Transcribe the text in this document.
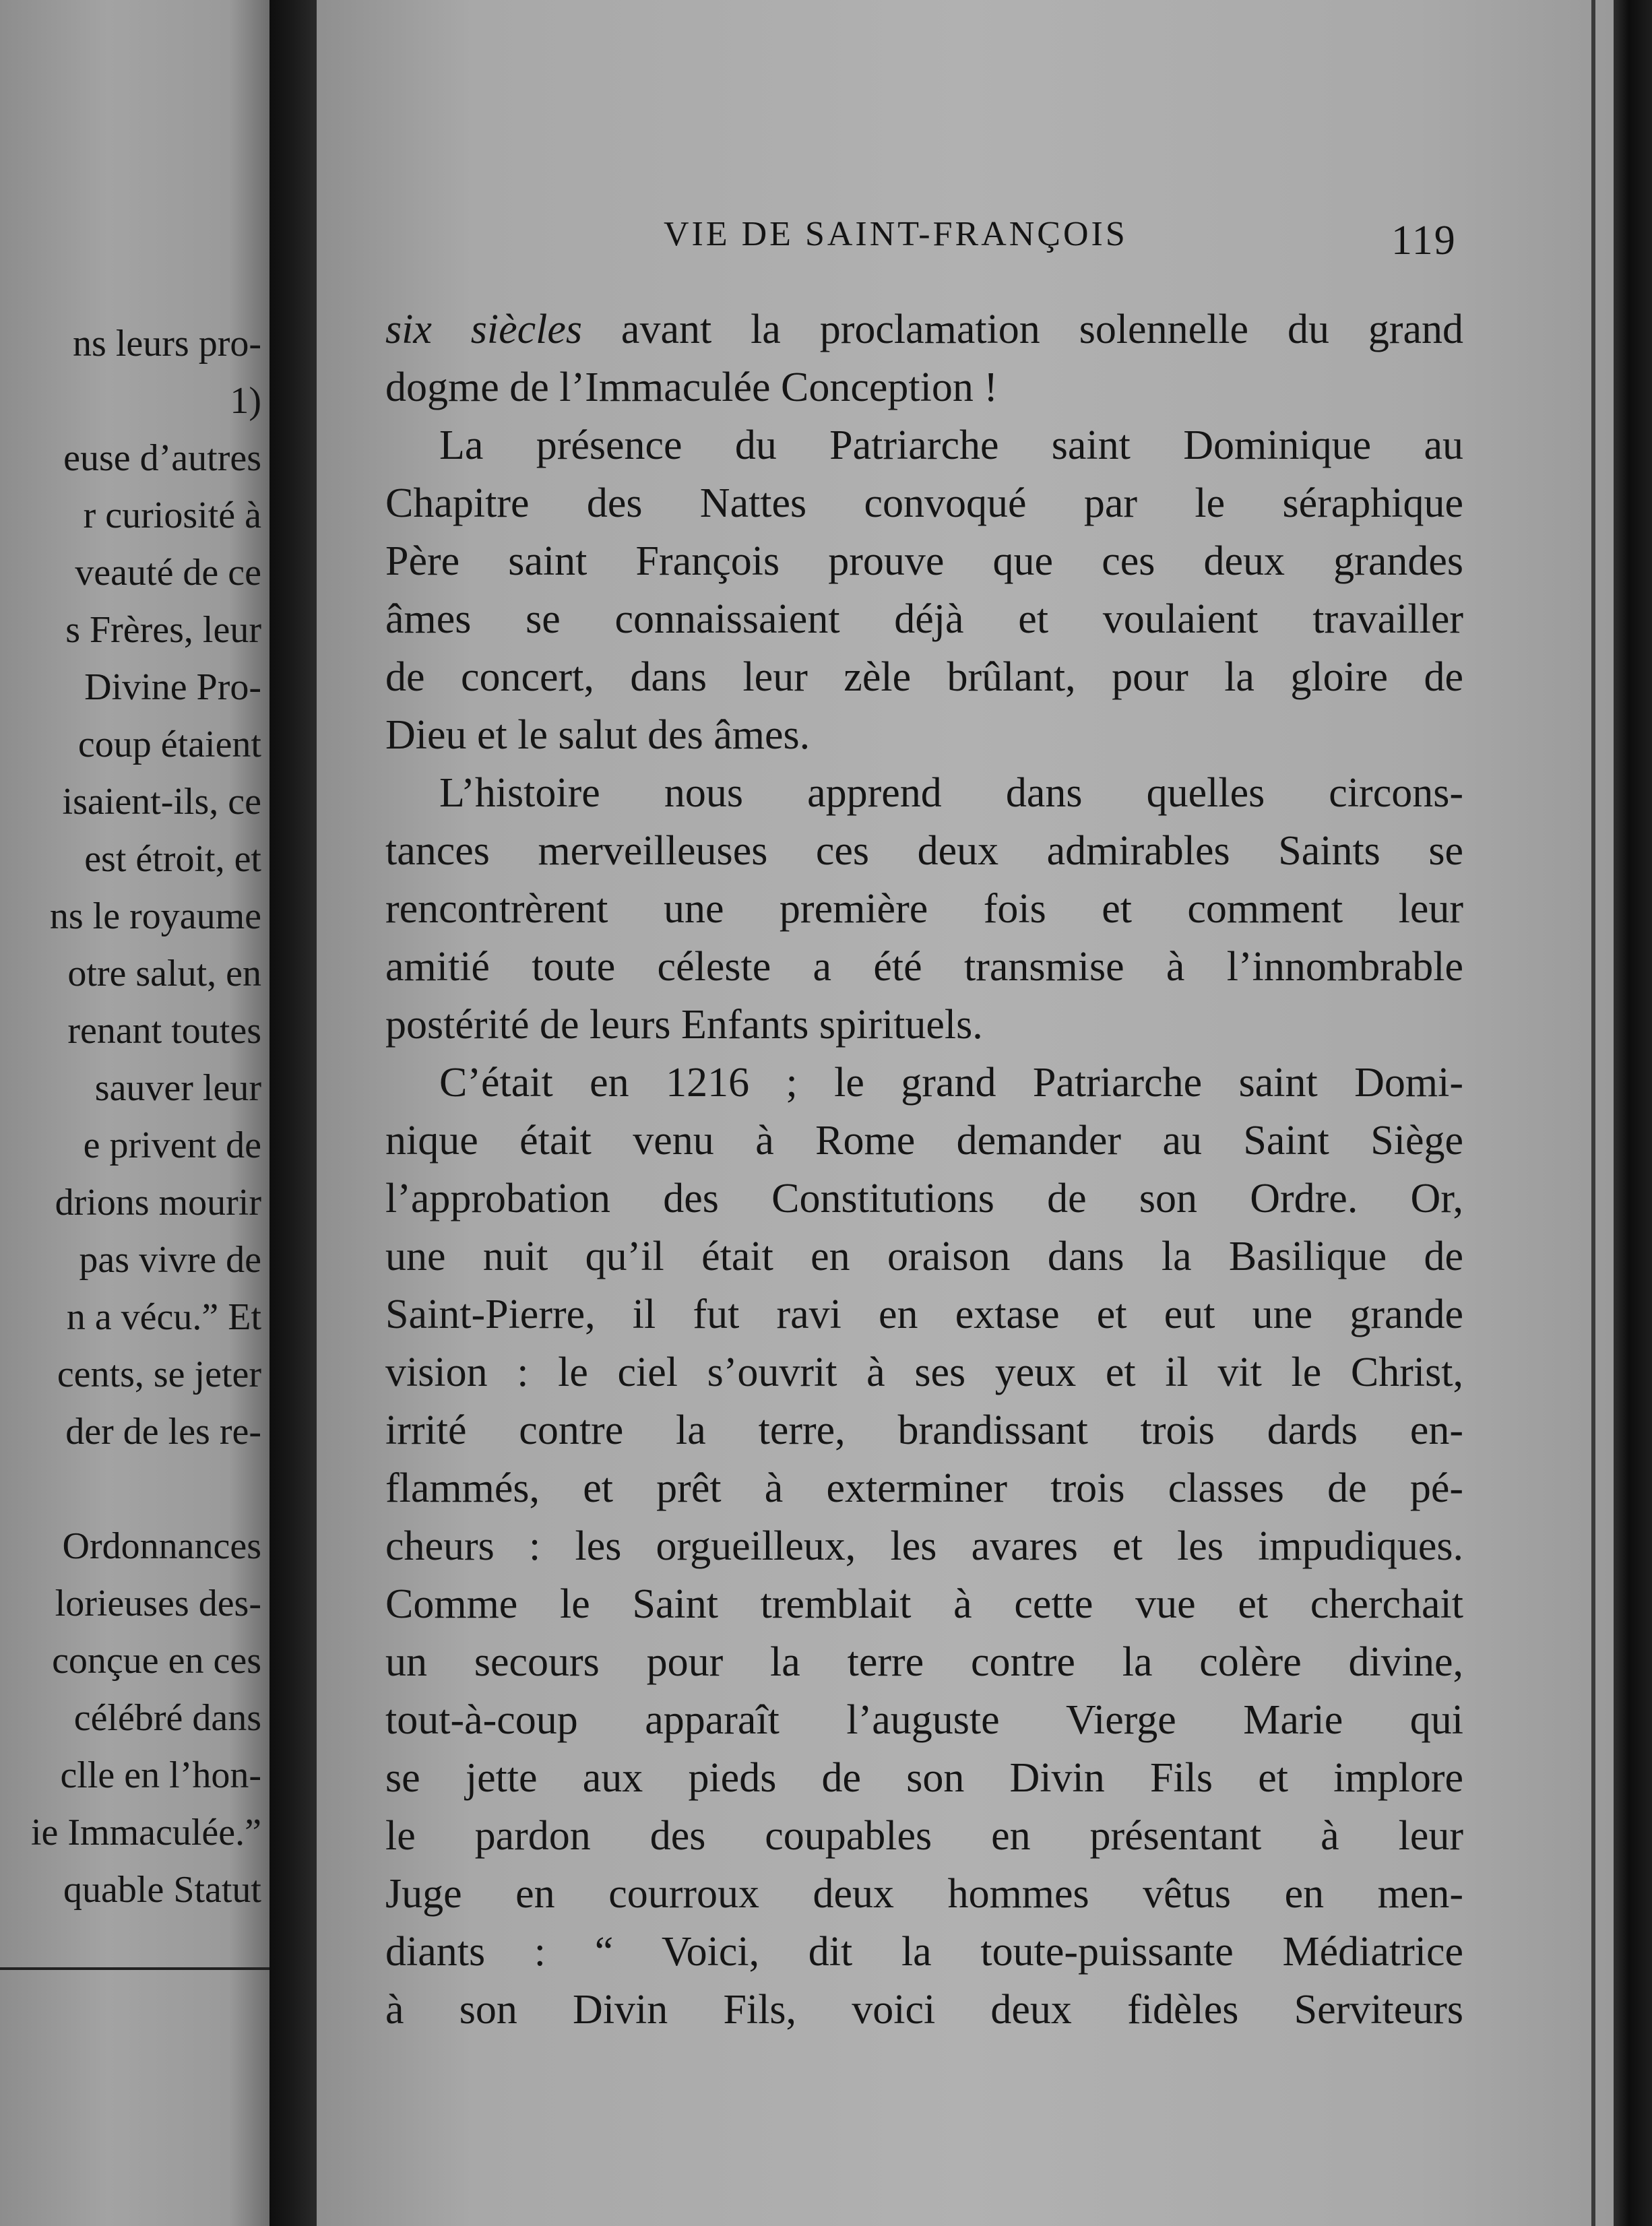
ns leurs pro-
1)
euse d’autres
r curiosité à
veauté de ce
s Frères, leur
Divine Pro-
coup étaient
isaient-ils, ce
est étroit, et
ns le royaume
otre salut, en
renant toutes
sauver leur
e privent de
drions mourir
pas vivre de
n a vécu.” Et
cents, se jeter
der de les re-
Ordonnances
lorieuses des-
conçue en ces
célébré dans
clle en l’hon-
ie Immaculée.”
quable Statut
VIE DE SAINT-FRANÇOIS	119
six siècles avant la proclamation solennelle du grand
dogme de l’Immaculée Conception !
La présence du Patriarche saint Dominique au
Chapitre des Nattes convoqué par le séraphique
Père saint François prouve que ces deux grandes
âmes se connaissaient déjà et voulaient travailler
de concert, dans leur zèle brûlant, pour la gloire de
Dieu et le salut des âmes.
L’histoire nous apprend dans quelles circons-
tances merveilleuses ces deux admirables Saints se
rencontrèrent une première fois et comment leur
amitié toute céleste a été transmise à l’innombrable
postérité de leurs Enfants spirituels.
C’était en 1216 ; le grand Patriarche saint Domi-
nique était venu à Rome demander au Saint Siège
l’approbation des Constitutions de son Ordre. Or,
une nuit qu’il était en oraison dans la Basilique de
Saint-Pierre, il fut ravi en extase et eut une grande
vision : le ciel s’ouvrit à ses yeux et il vit le Christ,
irrité contre la terre, brandissant trois dards en-
flammés, et prêt à exterminer trois classes de pé-
cheurs : les orgueilleux, les avares et les impudiques.
Comme le Saint tremblait à cette vue et cherchait
un secours pour la terre contre la colère divine,
tout-à-coup apparaît l’auguste Vierge Marie qui
se jette aux pieds de son Divin Fils et implore
le pardon des coupables en présentant à leur
Juge en courroux deux hommes vêtus en men-
diants : “ Voici, dit la toute-puissante Médiatrice
à son Divin Fils, voici deux fidèles Serviteurs
